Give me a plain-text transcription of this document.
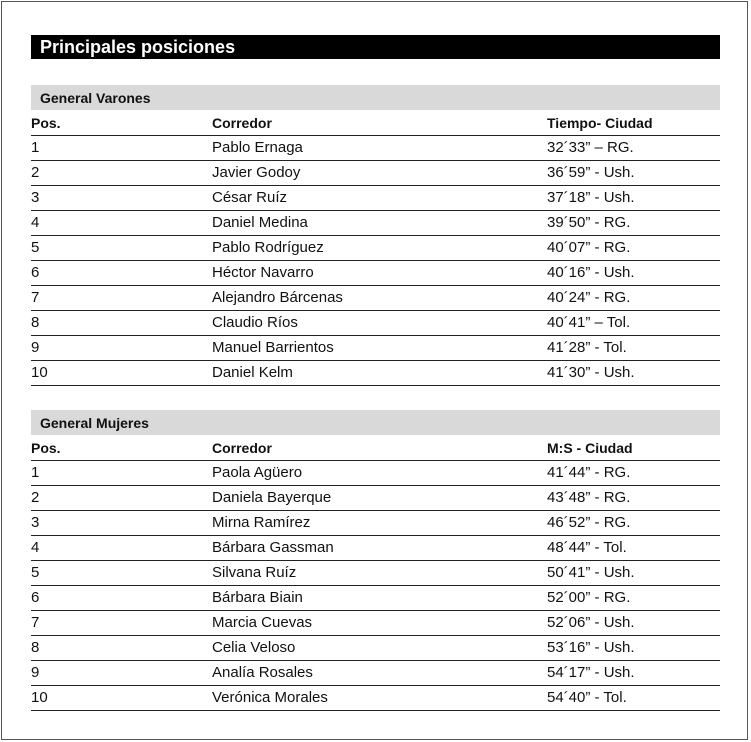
Principales posiciones
General Varones
Pos.	Corredor	Tiempo- Ciudad
1	Pablo Ernaga	32´33” – RG.
2	Javier Godoy	36´59” - Ush.
3	César Ruíz	37´18” - Ush.
4	Daniel Medina	39´50” - RG.
5	Pablo Rodríguez	40´07” - RG.
6	Héctor Navarro	40´16” - Ush.
7	Alejandro Bárcenas	40´24” - RG.
8	Claudio Ríos	40´41” – Tol.
9	Manuel Barrientos	41´28” - Tol.
10	Daniel Kelm	41´30” - Ush.
General Mujeres
Pos.	Corredor	M:S - Ciudad
1	Paola Agüero	41´44” - RG.
2	Daniela Bayerque	43´48” - RG.
3	Mirna Ramírez	46´52” - RG.
4	Bárbara Gassman	48´44” - Tol.
5	Silvana Ruíz	50´41” - Ush.
6	Bárbara Biain	52´00” - RG.
7	Marcia Cuevas	52´06” - Ush.
8	Celia Veloso	53´16” - Ush.
9	Analía Rosales	54´17” - Ush.
10	Verónica Morales	54´40” - Tol.
